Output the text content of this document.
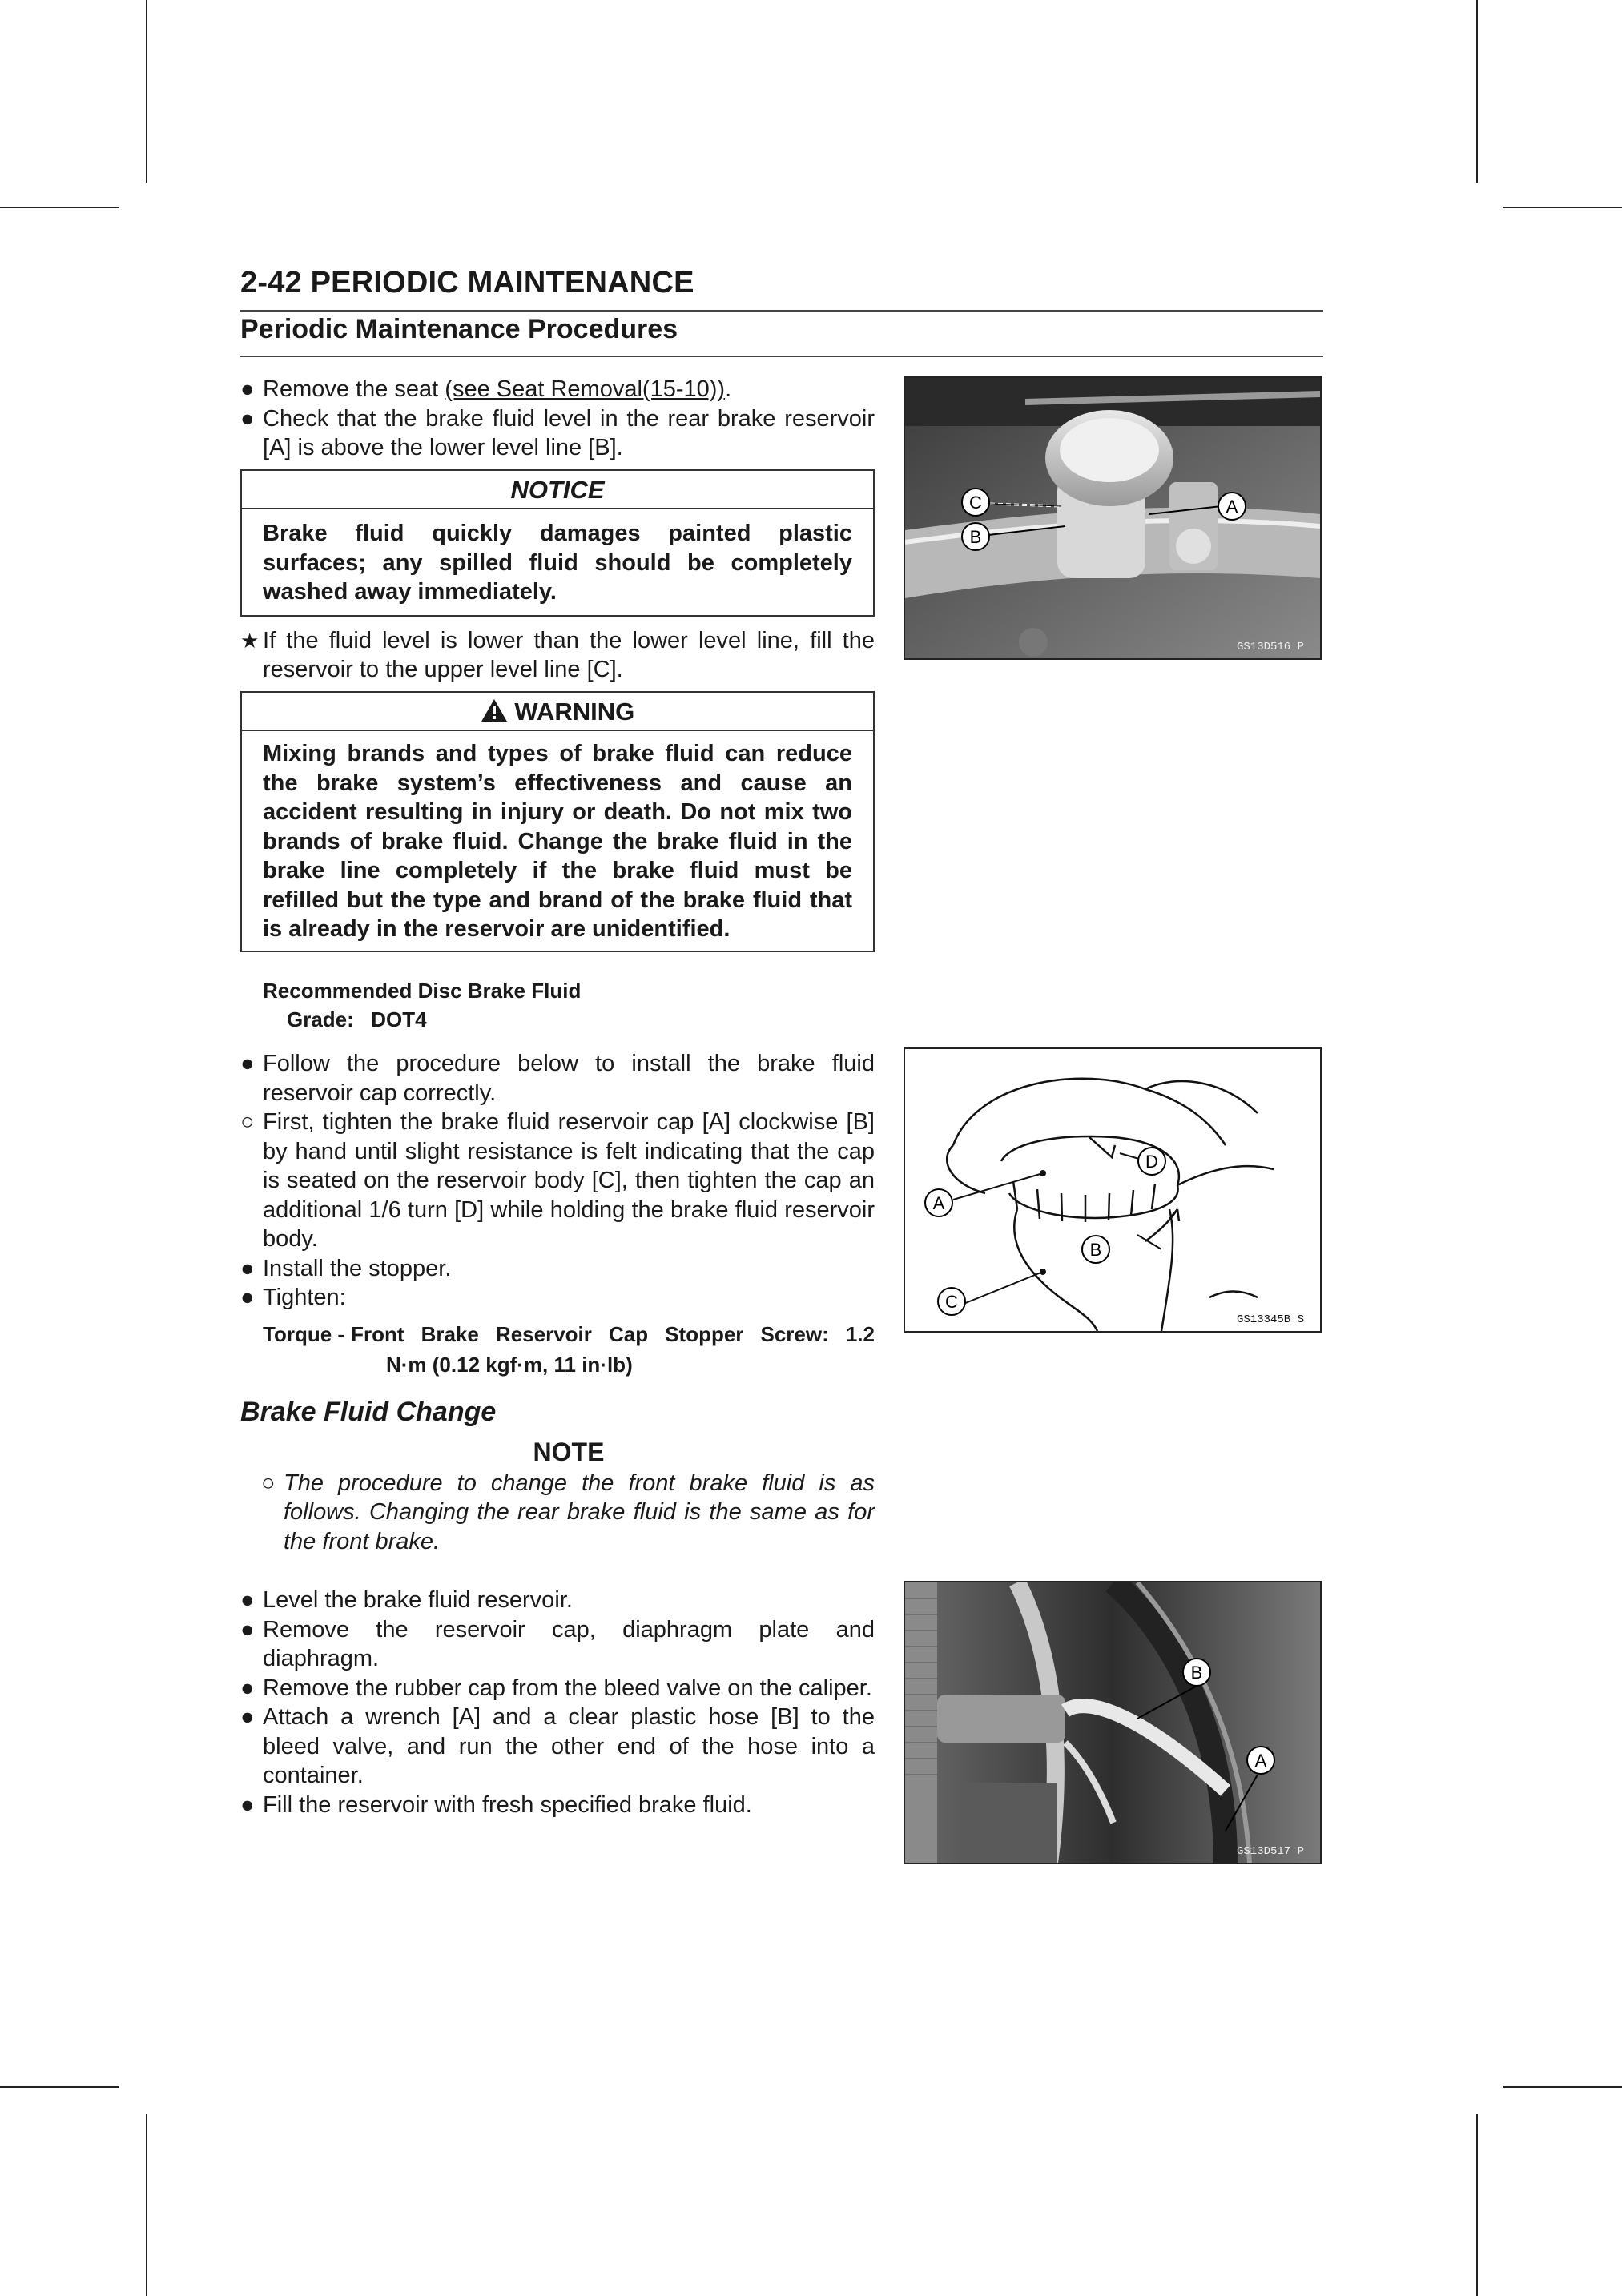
2-42 PERIODIC MAINTENANCE
Periodic Maintenance Procedures
● Remove the seat (see Seat Removal(15-10)).
● Check that the brake fluid level in the rear brake reservoir [A] is above the lower level line [B].
NOTICE
Brake fluid quickly damages painted plastic surfaces; any spilled fluid should be completely washed away immediately.
★ If the fluid level is lower than the lower level line, fill the reservoir to the upper level line [C].
WARNING
Mixing brands and types of brake fluid can reduce the brake system’s effectiveness and cause an accident resulting in injury or death. Do not mix two brands of brake fluid. Change the brake fluid in the brake line completely if the brake fluid must be refilled but the type and brand of the brake fluid that is already in the reservoir are unidentified.
Recommended Disc Brake Fluid
Grade: DOT4
● Follow the procedure below to install the brake fluid reservoir cap correctly.
○ First, tighten the brake fluid reservoir cap [A] clockwise [B] by hand until slight resistance is felt indicating that the cap is seated on the reservoir body [C], then tighten the cap an additional 1/6 turn [D] while holding the brake fluid reservoir body.
● Install the stopper.
● Tighten:
Torque - Front Brake Reservoir Cap Stopper Screw: 1.2
N·m (0.12 kgf·m, 11 in·lb)
Brake Fluid Change
NOTE
○ The procedure to change the front brake fluid is as follows. Changing the rear brake fluid is the same as for the front brake.
● Level the brake fluid reservoir.
● Remove the reservoir cap, diaphragm plate and diaphragm.
● Remove the rubber cap from the bleed valve on the caliper.
● Attach a wrench [A] and a clear plastic hose [B] to the bleed valve, and run the other end of the hose into a container.
● Fill the reservoir with fresh specified brake fluid.
C
B
A
GS13D516 P
A
D
B
C
GS13345B S
B
A
GS13D517 P
